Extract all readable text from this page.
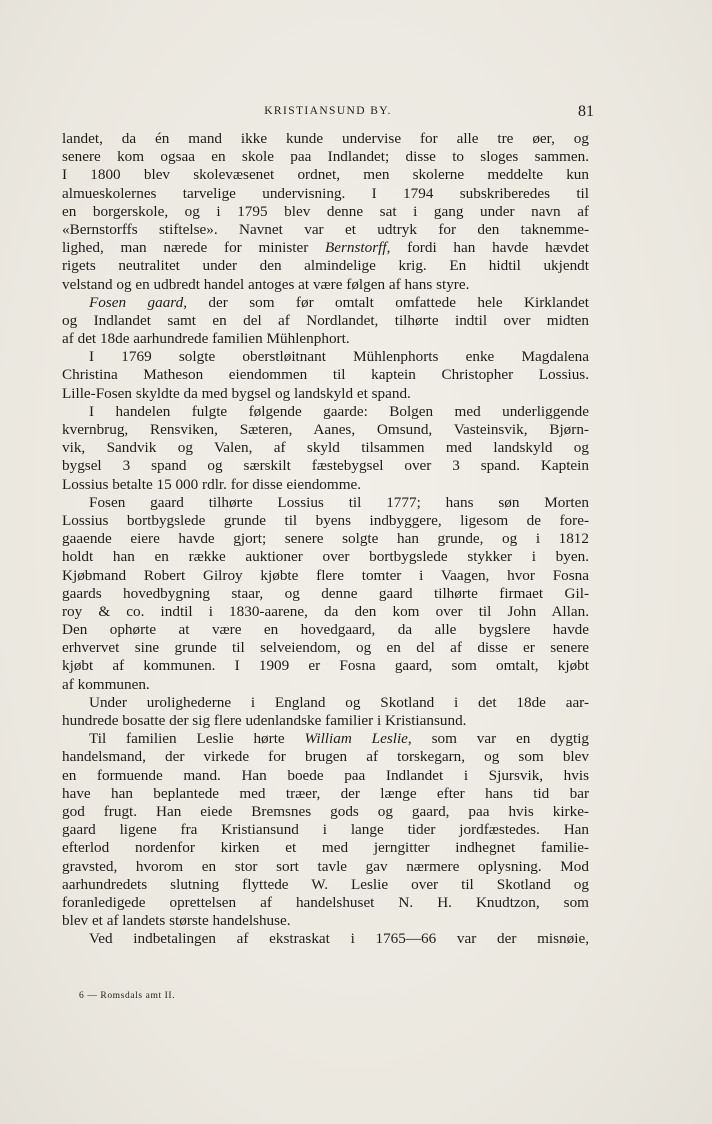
KRISTIANSUND BY.	81
landet, da én mand ikke kunde undervise for alle tre øer, og
senere kom ogsaa en skole paa Indlandet; disse to sloges sammen.
I 1800 blev skolevæsenet ordnet, men skolerne meddelte kun
almueskolernes tarvelige undervisning. I 1794 subskriberedes til
en borgerskole, og i 1795 blev denne sat i gang under navn af
«Bernstorffs stiftelse». Navnet var et udtryk for den taknemme-
lighed, man nærede for minister Bernstorff, fordi han havde hævdet
rigets neutralitet under den almindelige krig. En hidtil ukjendt
velstand og en udbredt handel antoges at være følgen af hans styre.
Fosen gaard, der som før omtalt omfattede hele Kirklandet
og Indlandet samt en del af Nordlandet, tilhørte indtil over midten
af det 18de aarhundrede familien Mühlenphort.
I 1769 solgte oberstløitnant Mühlenphorts enke Magdalena
Christina Matheson eiendommen til kaptein Christopher Lossius.
Lille-Fosen skyldte da med bygsel og landskyld et spand.
I handelen fulgte følgende gaarde: Bolgen med underliggende
kvernbrug, Rensviken, Sæteren, Aanes, Omsund, Vasteinsvik, Bjørn-
vik, Sandvik og Valen, af skyld tilsammen med landskyld og
bygsel 3 spand og særskilt fæstebygsel over 3 spand. Kaptein
Lossius betalte 15 000 rdlr. for disse eiendomme.
Fosen gaard tilhørte Lossius til 1777; hans søn Morten
Lossius bortbygslede grunde til byens indbyggere, ligesom de fore-
gaaende eiere havde gjort; senere solgte han grunde, og i 1812
holdt han en række auktioner over bortbygslede stykker i byen.
Kjøbmand Robert Gilroy kjøbte flere tomter i Vaagen, hvor Fosna
gaards hovedbygning staar, og denne gaard tilhørte firmaet Gil-
roy & co. indtil i 1830-aarene, da den kom over til John Allan.
Den ophørte at være en hovedgaard, da alle bygslere havde
erhvervet sine grunde til selveiendom, og en del af disse er senere
kjøbt af kommunen. I 1909 er Fosna gaard, som omtalt, kjøbt
af kommunen.
Under urolighederne i England og Skotland i det 18de aar-
hundrede bosatte der sig flere udenlandske familier i Kristiansund.
Til familien Leslie hørte William Leslie, som var en dygtig
handelsmand, der virkede for brugen af torskegarn, og som blev
en formuende mand. Han boede paa Indlandet i Sjursvik, hvis
have han beplantede med træer, der længe efter hans tid bar
god frugt. Han eiede Bremsnes gods og gaard, paa hvis kirke-
gaard ligene fra Kristiansund i lange tider jordfæstedes. Han
efterlod nordenfor kirken et med jerngitter indhegnet familie-
gravsted, hvorom en stor sort tavle gav nærmere oplysning. Mod
aarhundredets slutning flyttede W. Leslie over til Skotland og
foranledigede oprettelsen af handelshuset N. H. Knudtzon, som
blev et af landets største handelshuse.
Ved indbetalingen af ekstraskat i 1765—66 var der misnøie,
6 — Romsdals amt II.
